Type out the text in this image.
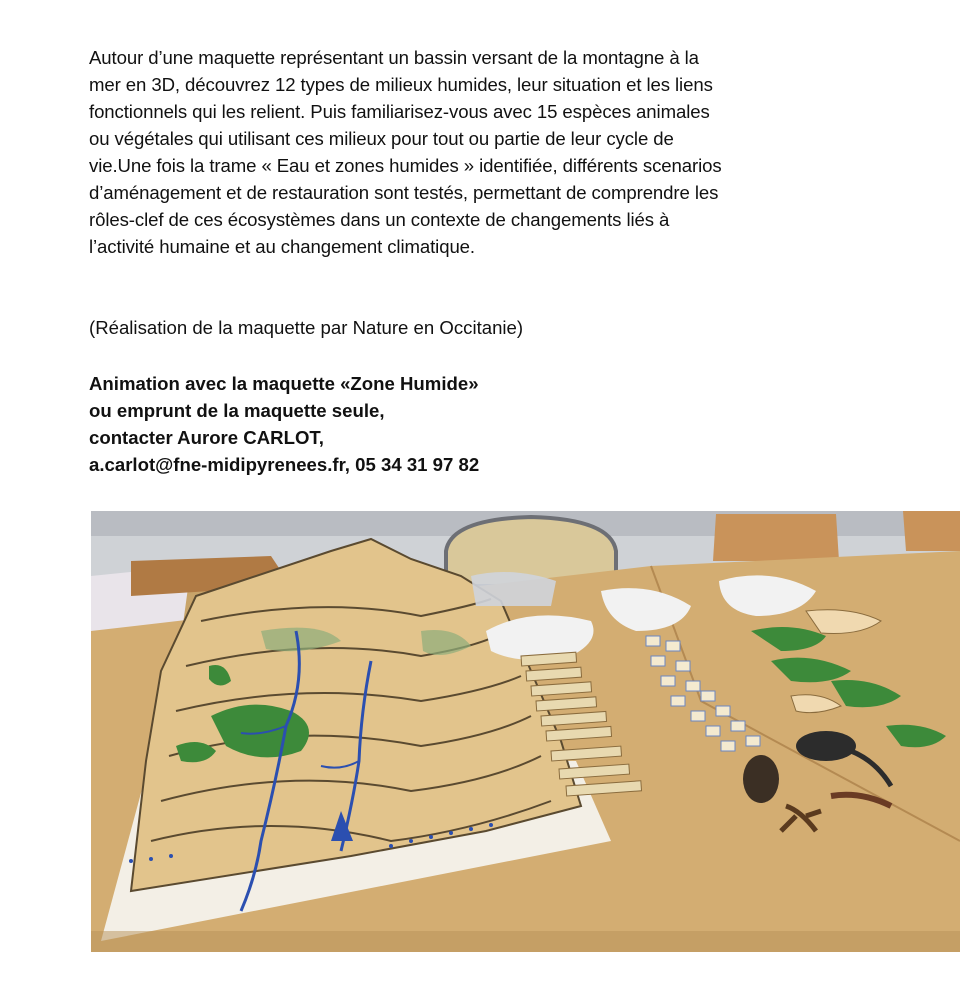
Autour d’une maquette représentant un bassin versant de la montagne à la mer en 3D, découvrez 12 types de milieux humides, leur situation et les liens fonctionnels qui les relient. Puis familiarisez-vous avec 15 espèces animales ou végétales qui utilisant ces milieux pour tout ou partie de leur cycle de vie.Une fois la trame « Eau et zones humides » identifiée, différents scenarios d’aménagement et de restauration sont testés, permettant de comprendre les rôles-clef de ces écosystèmes dans un contexte de changements liés à l’activité humaine et au changement climatique.

(Réalisation de la maquette par Nature en Occitanie)

Animation avec la maquette «Zone Humide»
ou emprunt de la maquette seule,
contacter Aurore CARLOT,
a.carlot@fne-midipyrenees.fr, 05 34 31 97 82
